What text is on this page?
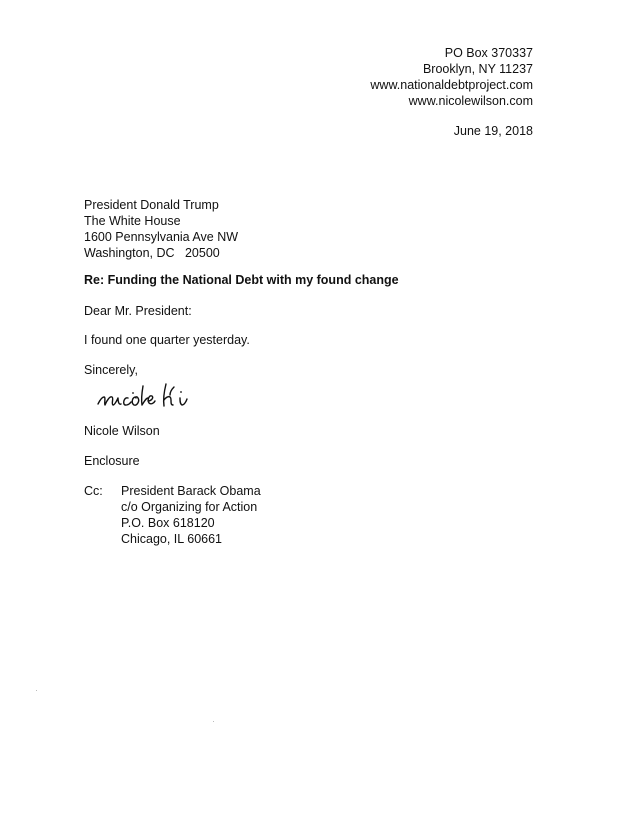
PO Box 370337
Brooklyn, NY 11237
www.nationaldebtproject.com
www.nicolewilson.com
June 19, 2018
President Donald Trump
The White House
1600 Pennsylvania Ave NW
Washington, DC   20500
Re: Funding the National Debt with my found change
Dear Mr. President:
I found one quarter yesterday.
Sincerely,
Nicole Wilson
Enclosure
Cc: President Barack Obama
c/o Organizing for Action
P.O. Box 618120
Chicago, IL 60661
